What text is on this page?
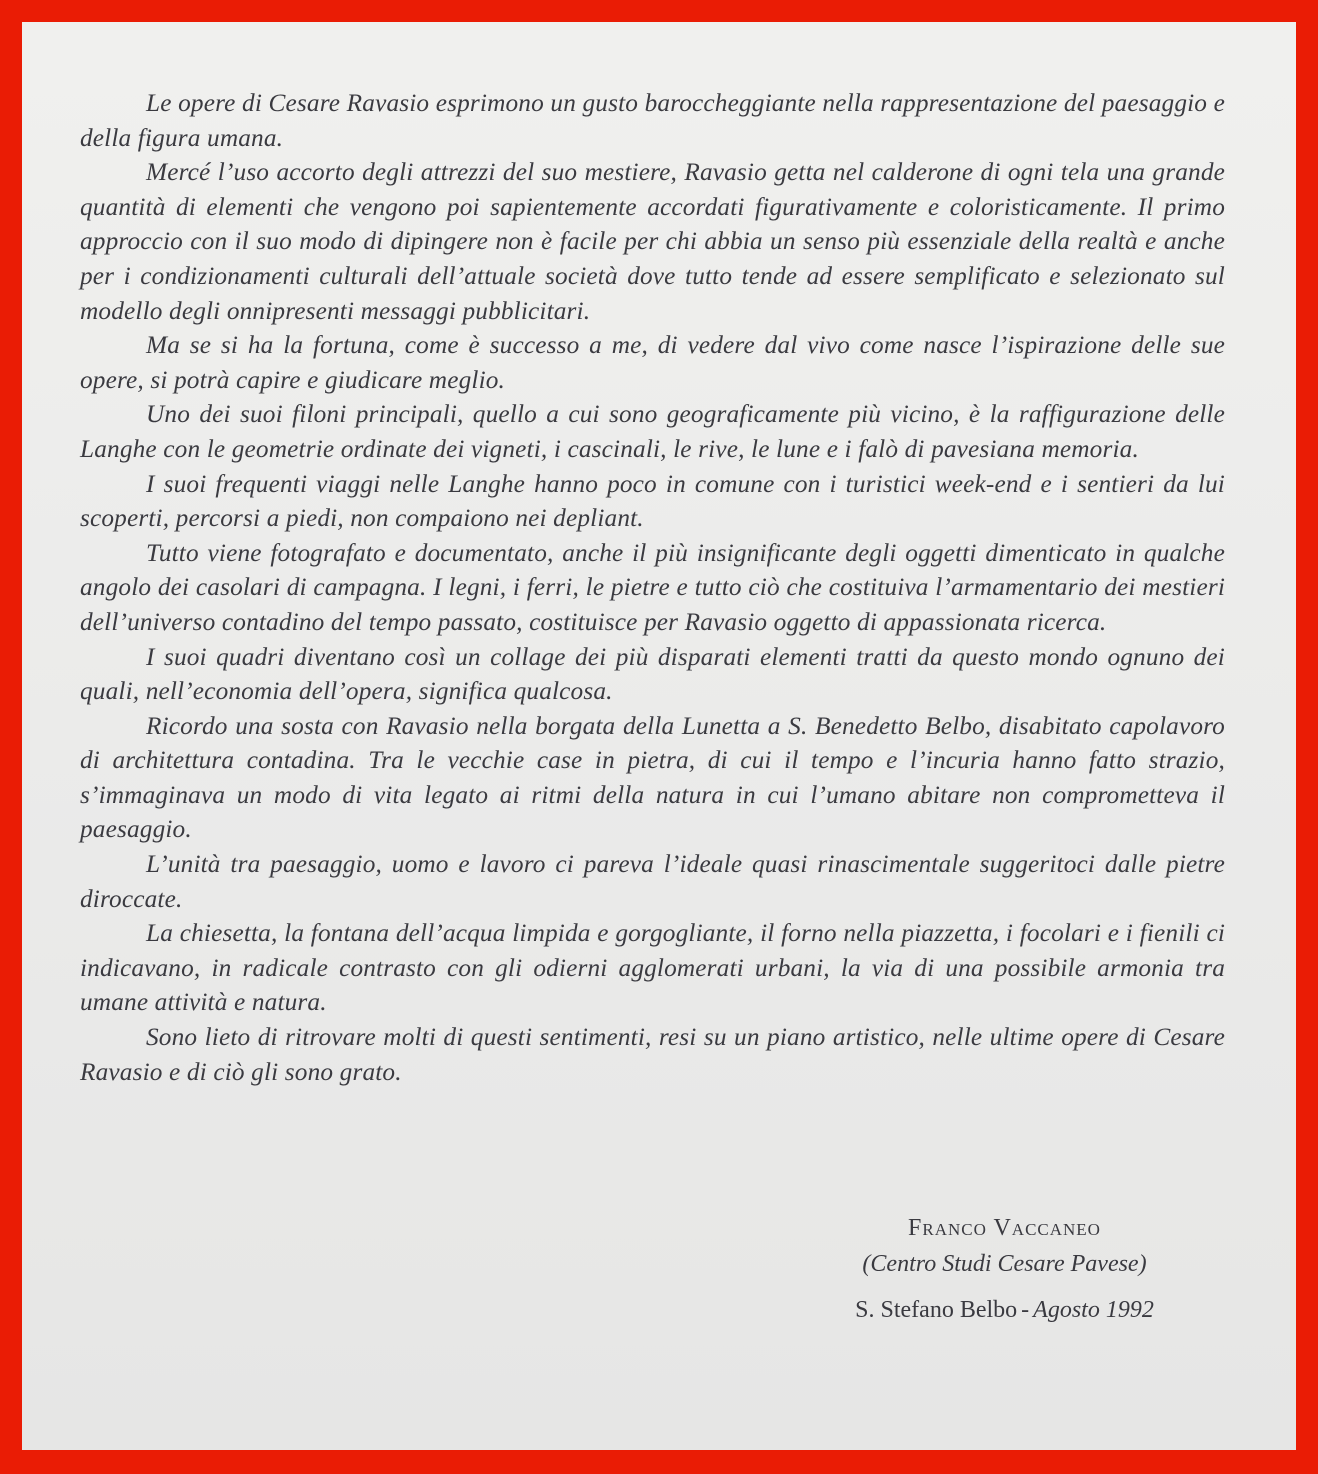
Le opere di Cesare Ravasio esprimono un gusto baroccheggiante nella rappresentazione del paesaggio e della figura umana.

Mercé l’uso accorto degli attrezzi del suo mestiere, Ravasio getta nel calderone di ogni tela una grande quantità di elementi che vengono poi sapientemente accordati figurativamente e coloristicamente. Il primo approccio con il suo modo di dipingere non è facile per chi abbia un senso più essenziale della realtà e anche per i condizionamenti culturali dell’attuale società dove tutto tende ad essere semplificato e selezionato sul modello degli onnipresenti messaggi pubblicitari.

Ma se si ha la fortuna, come è successo a me, di vedere dal vivo come nasce l’ispirazione delle sue opere, si potrà capire e giudicare meglio.

Uno dei suoi filoni principali, quello a cui sono geograficamente più vicino, è la raffigurazione delle Langhe con le geometrie ordinate dei vigneti, i cascinali, le rive, le lune e i falò di pavesiana memoria.

I suoi frequenti viaggi nelle Langhe hanno poco in comune con i turistici week-end e i sentieri da lui scoperti, percorsi a piedi, non compaiono nei depliant.

Tutto viene fotografato e documentato, anche il più insignificante degli oggetti dimenticato in qualche angolo dei casolari di campagna. I legni, i ferri, le pietre e tutto ciò che costituiva l’armamentario dei mestieri dell’universo contadino del tempo passato, costituisce per Ravasio oggetto di appassionata ricerca.

I suoi quadri diventano così un collage dei più disparati elementi tratti da questo mondo ognuno dei quali, nell’economia dell’opera, significa qualcosa.

Ricordo una sosta con Ravasio nella borgata della Lunetta a S. Benedetto Belbo, disabitato capolavoro di architettura contadina. Tra le vecchie case in pietra, di cui il tempo e l’incuria hanno fatto strazio, s’immaginava un modo di vita legato ai ritmi della natura in cui l’umano abitare non comprometteva il paesaggio.

L’unità tra paesaggio, uomo e lavoro ci pareva l’ideale quasi rinascimentale suggeritoci dalle pietre diroccate.

La chiesetta, la fontana dell’acqua limpida e gorgogliante, il forno nella piazzetta, i focolari e i fienili ci indicavano, in radicale contrasto con gli odierni agglomerati urbani, la via di una possibile armonia tra umane attività e natura.

Sono lieto di ritrovare molti di questi sentimenti, resi su un piano artistico, nelle ultime opere di Cesare Ravasio e di ciò gli sono grato.

Franco Vaccaneo
(Centro Studi Cesare Pavese)
S. Stefano Belbo - Agosto 1992
